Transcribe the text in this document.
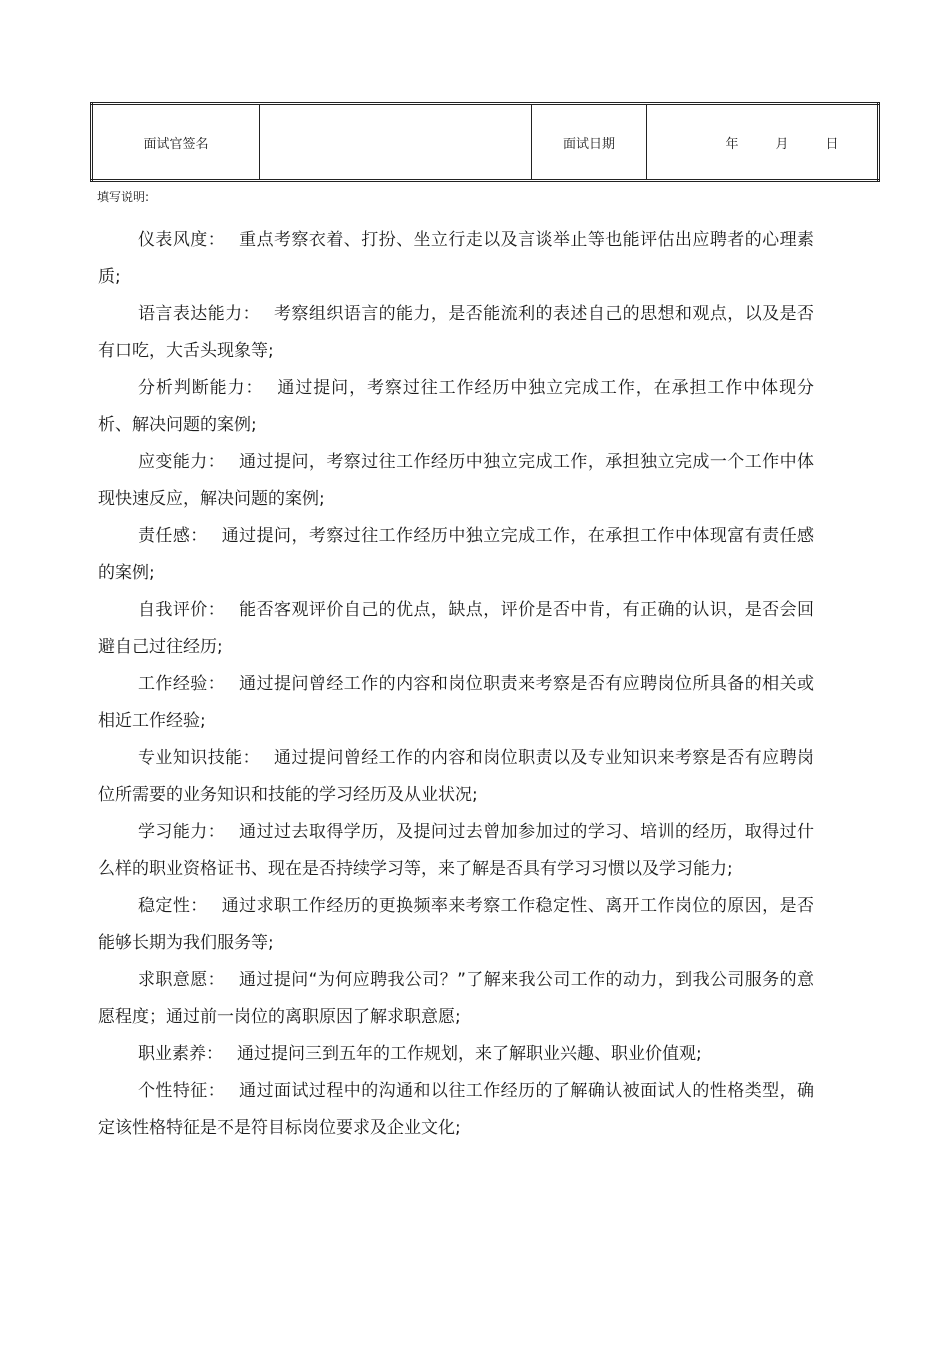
面试官签名		面试日期	年	月	日
填写说明:

仪表风度： 重点考察衣着、打扮、坐立行走以及言谈举止等也能评估出应聘者的心理素质;

语言表达能力： 考察组织语言的能力，是否能流利的表述自己的思想和观点，以及是否有口吃，大舌头现象等;

分析判断能力： 通过提问，考察过往工作经历中独立完成工作，在承担工作中体现分析、解决问题的案例;

应变能力： 通过提问，考察过往工作经历中独立完成工作，承担独立完成一个工作中体现快速反应，解决问题的案例;

责任感： 通过提问，考察过往工作经历中独立完成工作，在承担工作中体现富有责任感的案例;

自我评价： 能否客观评价自己的优点，缺点，评价是否中肯，有正确的认识，是否会回避自己过往经历;

工作经验： 通过提问曾经工作的内容和岗位职责来考察是否有应聘岗位所具备的相关或相近工作经验;

专业知识技能： 通过提问曾经工作的内容和岗位职责以及专业知识来考察是否有应聘岗位所需要的业务知识和技能的学习经历及从业状况;

学习能力： 通过过去取得学历，及提问过去曾加参加过的学习、培训的经历，取得过什么样的职业资格证书、现在是否持续学习等，来了解是否具有学习习惯以及学习能力;

稳定性： 通过求职工作经历的更换频率来考察工作稳定性、离开工作岗位的原因，是否能够长期为我们服务等;

求职意愿： 通过提问“为何应聘我公司？”了解来我公司工作的动力，到我公司服务的意愿程度；通过前一岗位的离职原因了解求职意愿;

职业素养： 通过提问三到五年的工作规划，来了解职业兴趣、职业价值观;

个性特征： 通过面试过程中的沟通和以往工作经历的了解确认被面试人的性格类型，确定该性格特征是不是符目标岗位要求及企业文化;
